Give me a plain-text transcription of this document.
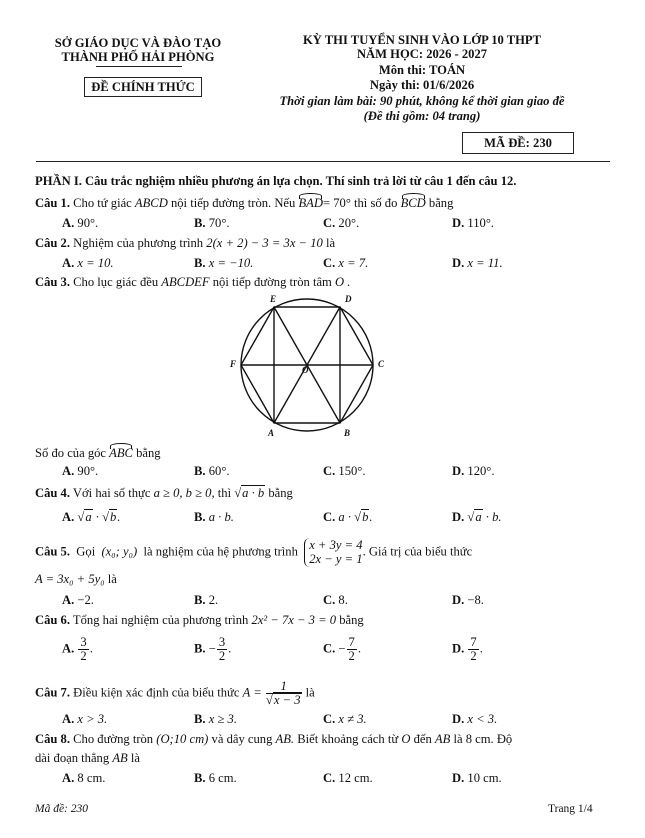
SỞ GIÁO DỤC VÀ ĐÀO TẠO
THÀNH PHỐ HẢI PHÒNG
ĐỀ CHÍNH THỨC
KỲ THI TUYỂN SINH VÀO LỚP 10 THPT
NĂM HỌC: 2026 - 2027
Môn thi: TOÁN
Ngày thi: 01/6/2026
Thời gian làm bài: 90 phút, không kể thời gian giao đề
(Đề thi gồm: 04 trang)
MÃ ĐỀ: 230
PHẦN I. Câu trắc nghiệm nhiều phương án lựa chọn. Thí sinh trả lời từ câu 1 đến câu 12.
Câu 1. Cho tứ giác ABCD nội tiếp đường tròn. Nếu BAD= 70° thì số đo BCD bằng
A. 90°.	B. 70°.	C. 20°.	D. 110°.
Câu 2. Nghiệm của phương trình 2(x + 2) − 3 = 3x − 10 là
A. x = 10.	B. x = −10.	C. x = 7.	D. x = 11.
Câu 3. Cho lục giác đều ABCDEF nội tiếp đường tròn tâm O .
E	D
F	C
O
A	B
Số đo của góc ABC bằng
A. 90°.	B. 60°.	C. 150°.	D. 120°.
Câu 4. Với hai số thực a ≥ 0, b ≥ 0, thì √a · b bằng
A. √a · √b.	B. a · b.	C. a · √b.	D. √a · b.
Câu 5. Gọi (x₀; y₀) là nghiệm của hệ phương trình x + 3y = 4
2x − y = 1. Giá trị của biểu thức
A = 3x₀ + 5y₀ là
A. −2.	B. 2.	C. 8.	D. −8.
Câu 6. Tổng hai nghiệm của phương trình 2x² − 7x − 3 = 0 bằng
A. $\frac{3}{2}$ .	B. − $\frac{3}{2}$ .	C. − $\frac{7}{2}$ .	D. $\frac{7}{2}$ .
Câu 7. Điều kiện xác định của biểu thức $A = \frac{1}{√x - 3}$ là
A. x > 3.	B. x ≥ 3.	C. x ≠ 3.	D. x < 3.
Câu 8. Cho đường tròn (O;10 cm) và dây cung AB. Biết khoảng cách từ O đến AB là 8 cm. Độ
dài đoạn thẳng AB là
A. 8 cm.	B. 6 cm.	C. 12 cm.	D. 10 cm.
Mã đề: 230	Trang 1/4
